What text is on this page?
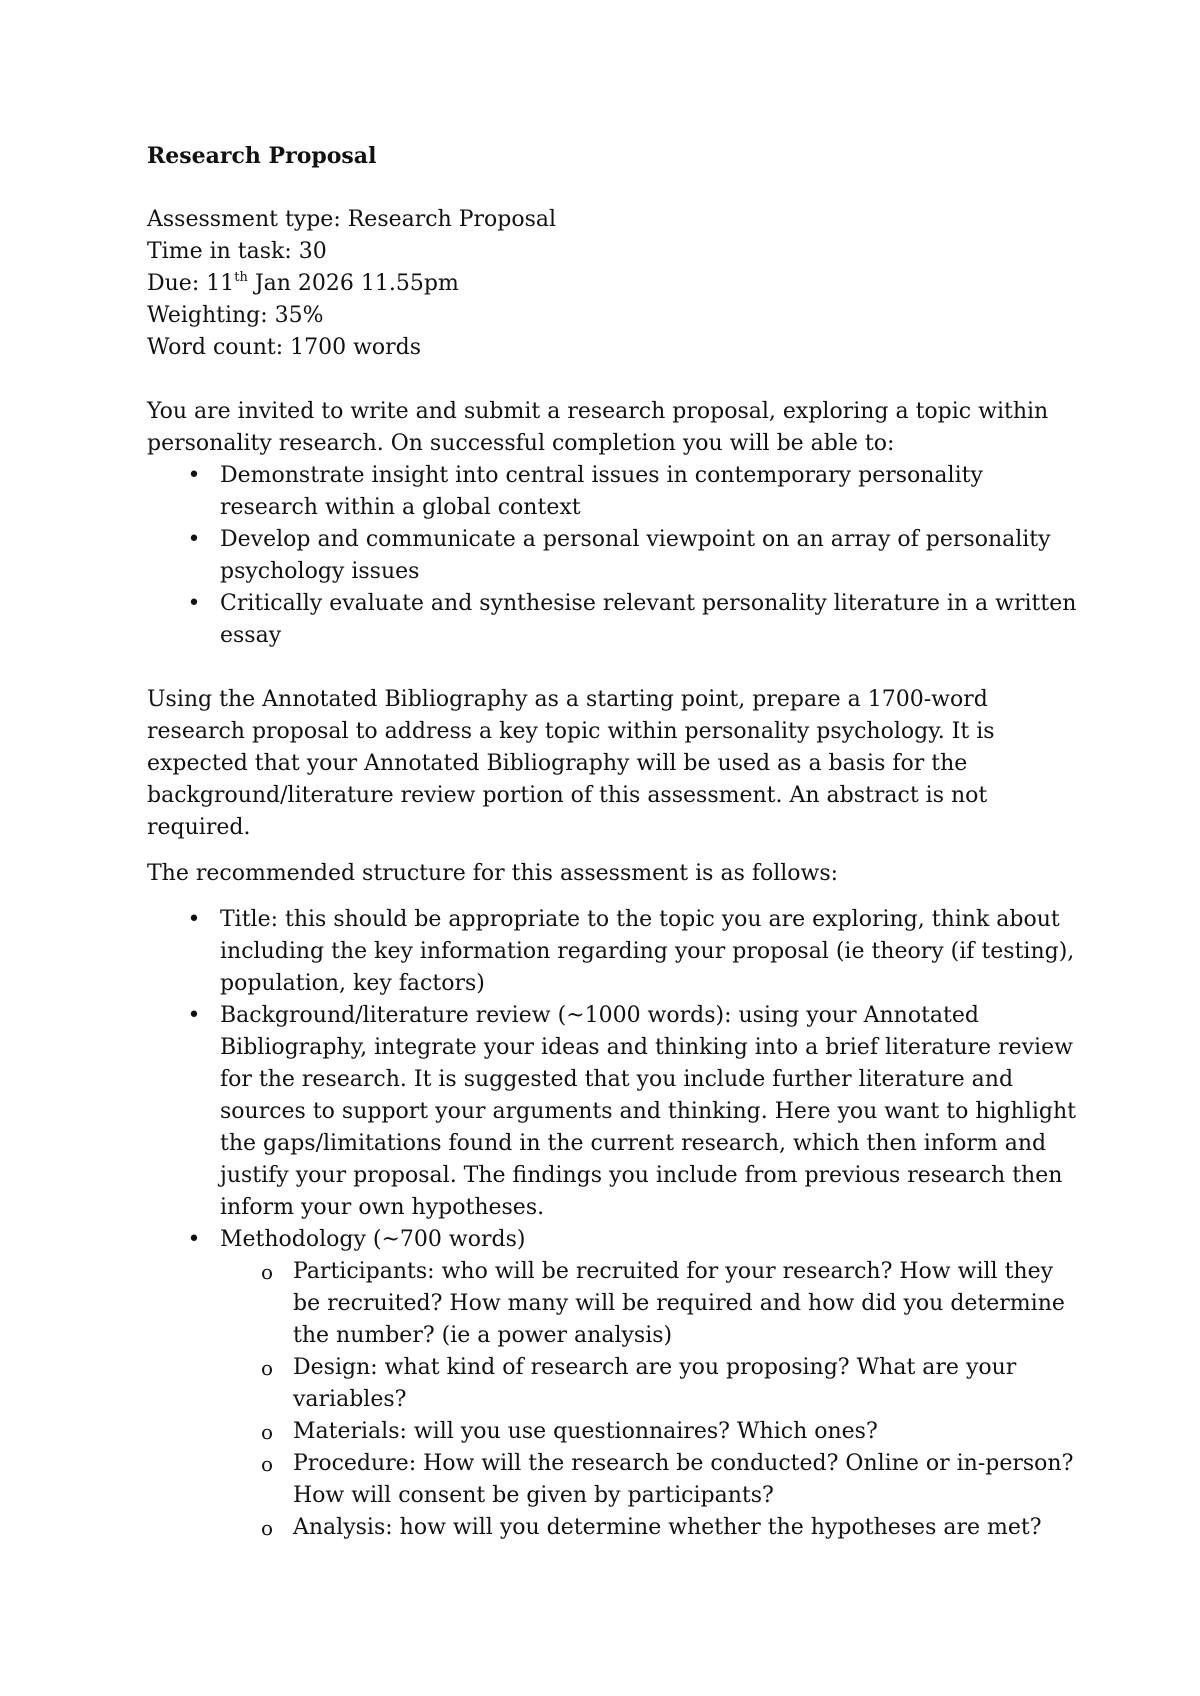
Research Proposal
Assessment type: Research Proposal
Time in task: 30
Due: 11th Jan 2026 11.55pm
Weighting: 35%
Word count: 1700 words

You are invited to write and submit a research proposal, exploring a topic within personality research. On successful completion you will be able to:

• Demonstrate insight into central issues in contemporary personality research within a global context
• Develop and communicate a personal viewpoint on an array of personality psychology issues
• Critically evaluate and synthesise relevant personality literature in a written essay

Using the Annotated Bibliography as a starting point, prepare a 1700-word research proposal to address a key topic within personality psychology. It is expected that your Annotated Bibliography will be used as a basis for the background/literature review portion of this assessment. An abstract is not required.

The recommended structure for this assessment is as follows:

• Title: this should be appropriate to the topic you are exploring, think about including the key information regarding your proposal (ie theory (if testing), population, key factors)
• Background/literature review (~1000 words): using your Annotated Bibliography, integrate your ideas and thinking into a brief literature review for the research. It is suggested that you include further literature and sources to support your arguments and thinking. Here you want to highlight the gaps/limitations found in the current research, which then inform and justify your proposal. The findings you include from previous research then inform your own hypotheses.
• Methodology (~700 words)
o Participants: who will be recruited for your research? How will they be recruited? How many will be required and how did you determine the number? (ie a power analysis)
o Design: what kind of research are you proposing? What are your variables?
o Materials: will you use questionnaires? Which ones?
o Procedure: How will the research be conducted? Online or in-person? How will consent be given by participants?
o Analysis: how will you determine whether the hypotheses are met?
